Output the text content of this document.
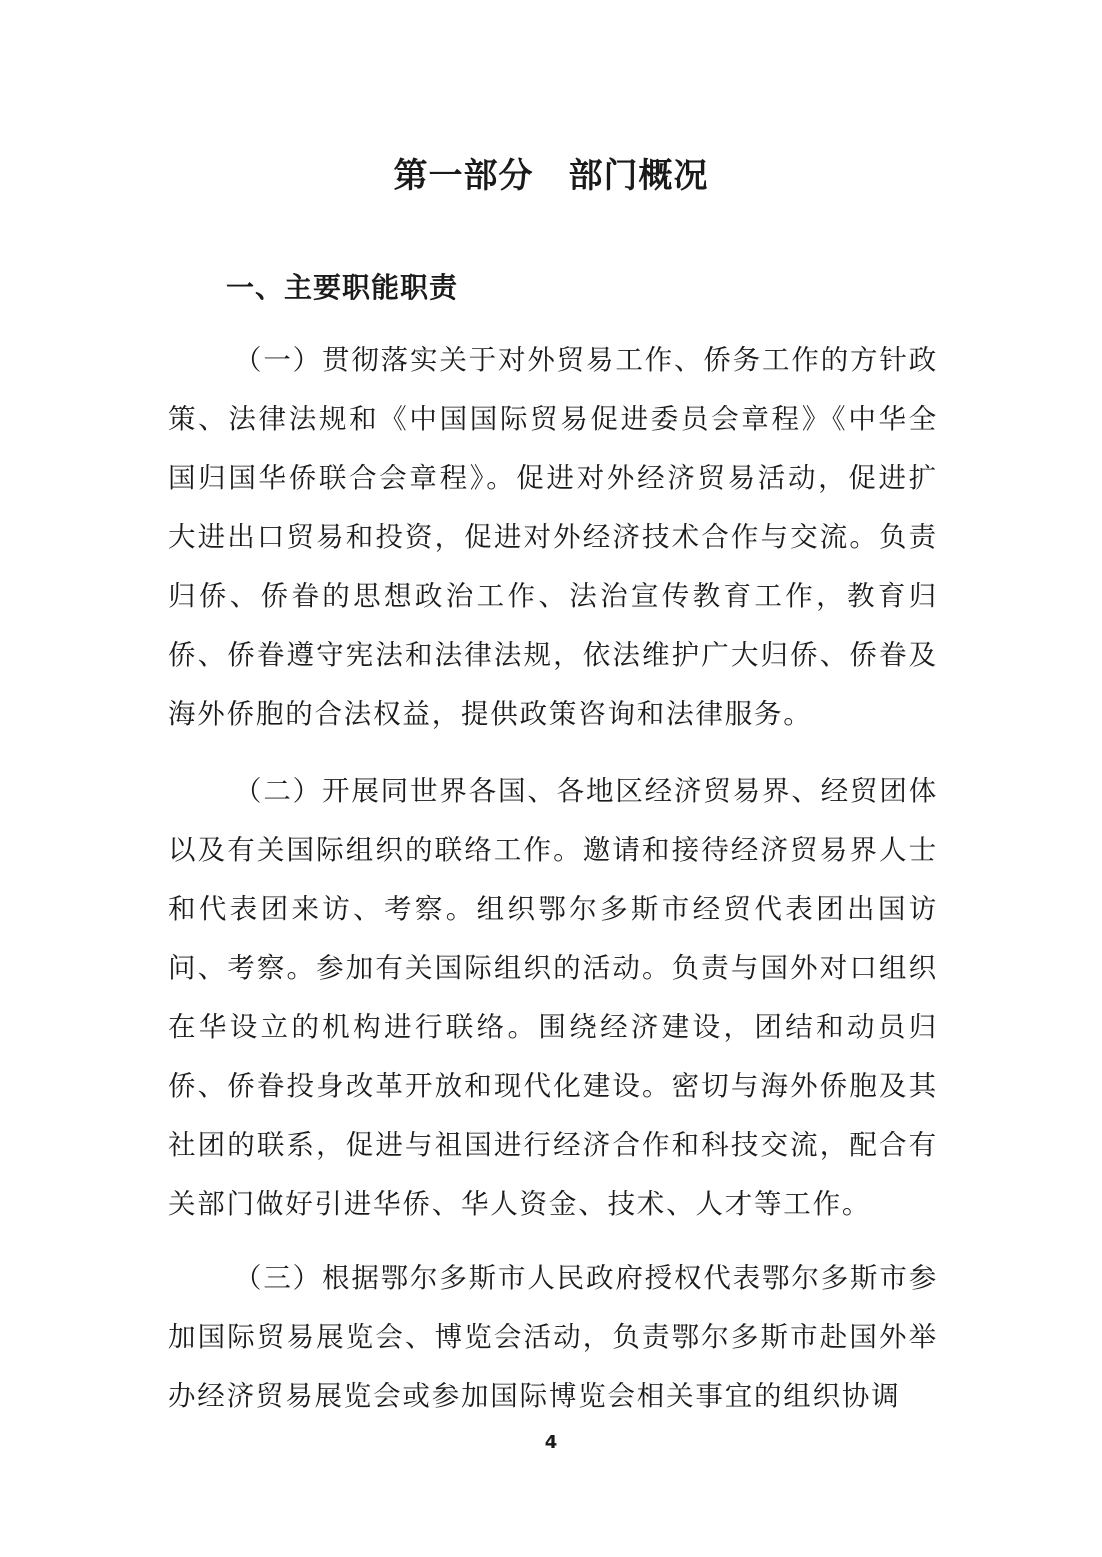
第一部分　部门概况
一、主要职能职责
（一）贯彻落实关于对外贸易工作、侨务工作的方针政策、法律法规和《中国国际贸易促进委员会章程》《中华全国归国华侨联合会章程》。促进对外经济贸易活动，促进扩大进出口贸易和投资，促进对外经济技术合作与交流。负责归侨、侨眷的思想政治工作、法治宣传教育工作，教育归侨、侨眷遵守宪法和法律法规，依法维护广大归侨、侨眷及海外侨胞的合法权益，提供政策咨询和法律服务。
（二）开展同世界各国、各地区经济贸易界、经贸团体以及有关国际组织的联络工作。邀请和接待经济贸易界人士和代表团来访、考察。组织鄂尔多斯市经贸代表团出国访问、考察。参加有关国际组织的活动。负责与国外对口组织在华设立的机构进行联络。围绕经济建设，团结和动员归侨、侨眷投身改革开放和现代化建设。密切与海外侨胞及其社团的联系，促进与祖国进行经济合作和科技交流，配合有关部门做好引进华侨、华人资金、技术、人才等工作。
（三）根据鄂尔多斯市人民政府授权代表鄂尔多斯市参加国际贸易展览会、博览会活动，负责鄂尔多斯市赴国外举办经济贸易展览会或参加国际博览会相关事宜的组织协调
4
